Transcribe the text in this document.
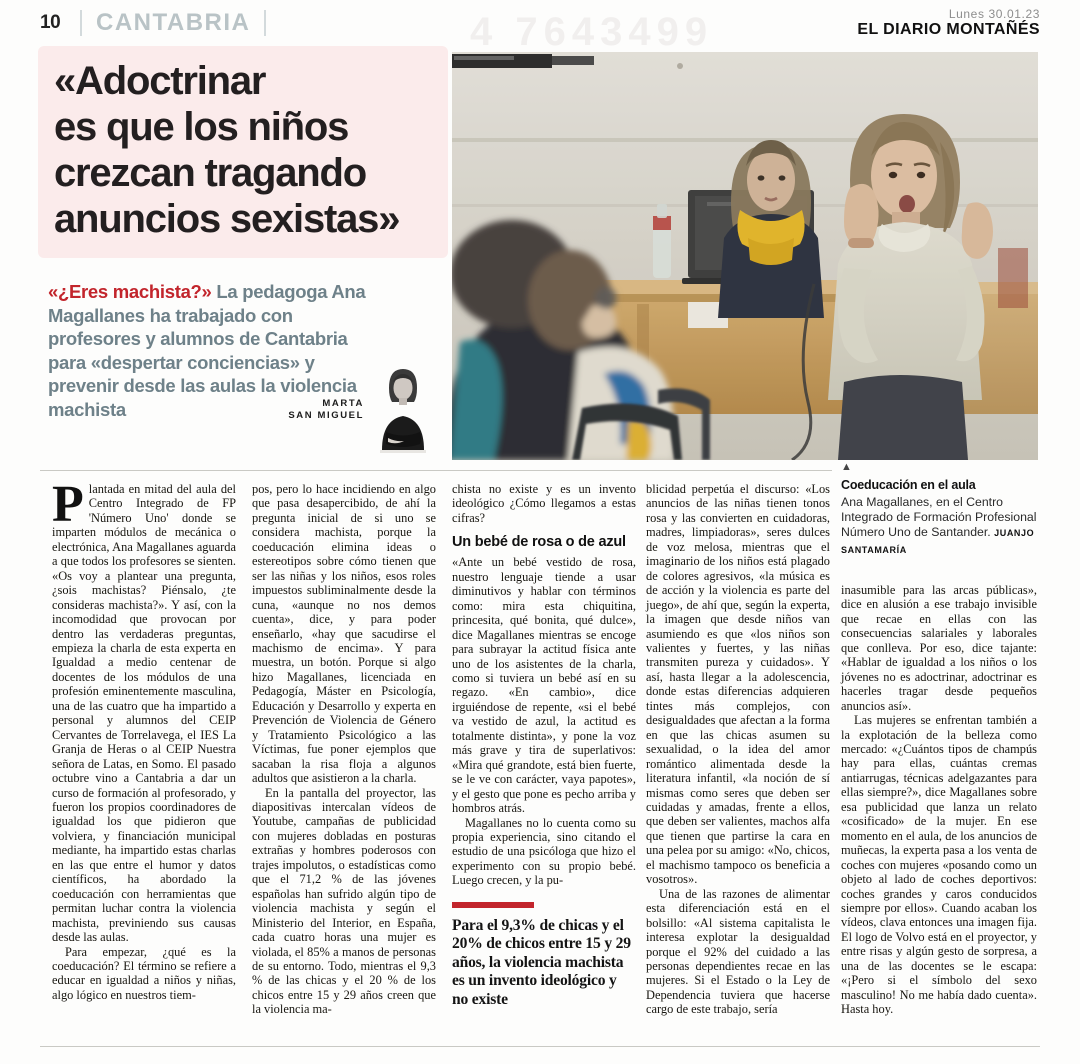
4 7643499
10	CANTABRIA	Lunes 30.01.23
EL DIARIO MONTAÑÉS
«Adoctrinar
es que los niños
crezcan tragando
anuncios sexistas»
«¿Eres machista?» La pedagoga Ana Magallanes ha trabajado con profesores y alumnos de Cantabria para «despertar conciencias» y prevenir desde las aulas la violencia machista	MARTA
SAN MIGUEL
▲
Coeducación en el aula
Ana Magallanes, en el Centro Integrado de Formación Profesional Número Uno de Santander. JUANJO SANTAMARÍA

Plantada en mitad del aula del Centro Integrado de FP 'Número Uno' donde se imparten módulos de mecánica o electrónica, Ana Magallanes aguarda a que todos los profesores se sienten. «Os voy a plantear una pregunta, ¿sois machistas? Piénsalo, ¿te consideras machista?». Y así, con la incomodidad que provocan por dentro las verdaderas preguntas, empieza la charla de esta experta en Igualdad a medio centenar de docentes de los módulos de una profesión eminentemente masculina, una de las cuatro que ha impartido a personal y alumnos del CEIP Cervantes de Torrelavega, el IES La Granja de Heras o al CEIP Nuestra señora de Latas, en Somo. El pasado octubre vino a Cantabria a dar un curso de formación al profesorado, y fueron los propios coordinadores de igualdad los que pidieron que volviera, y financiación municipal mediante, ha impartido estas charlas en las que entre el humor y datos científicos, ha abordado la coeducación con herramientas que permitan luchar contra la violencia machista, previniendo sus causas desde las aulas.

Para empezar, ¿qué es la coeducación? El término se refiere a educar en igualdad a niños y niñas, algo lógico en nuestros tiem-

pos, pero lo hace incidiendo en algo que pasa desapercibido, de ahí la pregunta inicial de si uno se considera machista, porque la coeducación elimina ideas o estereotipos sobre cómo tienen que ser las niñas y los niños, esos roles impuestos subliminalmente desde la cuna, «aunque no nos demos cuenta», dice, y para poder enseñarlo, «hay que sacudirse el machismo de encima». Y para muestra, un botón. Porque si algo hizo Magallanes, licenciada en Pedagogía, Máster en Psicología, Educación y Desarrollo y experta en Prevención de Violencia de Género y Tratamiento Psicológico a las Víctimas, fue poner ejemplos que sacaban la risa floja a algunos adultos que asistieron a la charla.

En la pantalla del proyector, las diapositivas intercalan vídeos de Youtube, campañas de publicidad con mujeres dobladas en posturas extrañas y hombres poderosos con trajes impolutos, o estadísticas como que el 71,2 % de las jóvenes españolas han sufrido algún tipo de violencia machista y según el Ministerio del Interior, en España, cada cuatro horas una mujer es violada, el 85% a manos de personas de su entorno. Todo, mientras el 9,3 % de las chicas y el 20 % de los chicos entre 15 y 29 años creen que la violencia ma-

chista no existe y es un invento ideológico ¿Cómo llegamos a estas cifras?

Un bebé de rosa o de azul

«Ante un bebé vestido de rosa, nuestro lenguaje tiende a usar diminutivos y hablar con términos como: mira esta chiquitina, princesita, qué bonita, qué dulce», dice Magallanes mientras se encoge para subrayar la actitud física ante uno de los asistentes de la charla, como si tuviera un bebé así en su regazo. «En cambio», dice irguiéndose de repente, «si el bebé va vestido de azul, la actitud es totalmente distinta», y pone la voz más grave y tira de superlativos: «Mira qué grandote, está bien fuerte, se le ve con carácter, vaya papotes», y el gesto que pone es pecho arriba y hombros atrás.

Magallanes no lo cuenta como su propia experiencia, sino citando el estudio de una psicóloga que hizo el experimento con su propio bebé. Luego crecen, y la pu-

blicidad perpetúa el discurso: «Los anuncios de las niñas tienen tonos rosa y las convierten en cuidadoras, madres, limpiadoras», seres dulces de voz melosa, mientras que el imaginario de los niños está plagado de colores agresivos, «la música es de acción y la violencia es parte del juego», de ahí que, según la experta, la imagen que desde niños van asumiendo es que «los niños son valientes y fuertes, y las niñas transmiten pureza y cuidados». Y así, hasta llegar a la adolescencia, donde estas diferencias adquieren tintes más complejos, con desigualdades que afectan a la forma en que las chicas asumen su sexualidad, o la idea del amor romántico alimentada desde la literatura infantil, «la noción de sí mismas como seres que deben ser cuidadas y amadas, frente a ellos, que deben ser valientes, machos alfa que tienen que partirse la cara en una pelea por su amigo: «No, chicos, el machismo tampoco os beneficia a vosotros».

Una de las razones de alimentar esta diferenciación está en el bolsillo: «Al sistema capitalista le interesa explotar la desigualdad porque el 92% del cuidado a las personas dependientes recae en las mujeres. Si el Estado o la Ley de Dependencia tuviera que hacerse cargo de este trabajo, sería

inasumible para las arcas públicas», dice en alusión a ese trabajo invisible que recae en ellas con las consecuencias salariales y laborales que conlleva. Por eso, dice tajante: «Hablar de igualdad a los niños o los jóvenes no es adoctrinar, adoctrinar es hacerles tragar desde pequeños anuncios así».

Las mujeres se enfrentan también a la explotación de la belleza como mercado: «¿Cuántos tipos de champús hay para ellas, cuántas cremas antiarrugas, técnicas adelgazantes para ellas siempre?», dice Magallanes sobre esa publicidad que lanza un relato «cosificado» de la mujer. En ese momento en el aula, de los anuncios de muñecas, la experta pasa a los venta de coches con mujeres «posando como un objeto al lado de coches deportivos: coches grandes y caros conducidos siempre por ellos». Cuando acaban los vídeos, clava entonces una imagen fija. El logo de Volvo está en el proyector, y entre risas y algún gesto de sorpresa, a una de las docentes se le escapa: «¡Pero si el símbolo del sexo masculino! No me había dado cuenta». Hasta hoy.

Para el 9,3% de chicas y el 20% de chicos entre 15 y 29 años, la violencia machista es un invento ideológico y no existe
